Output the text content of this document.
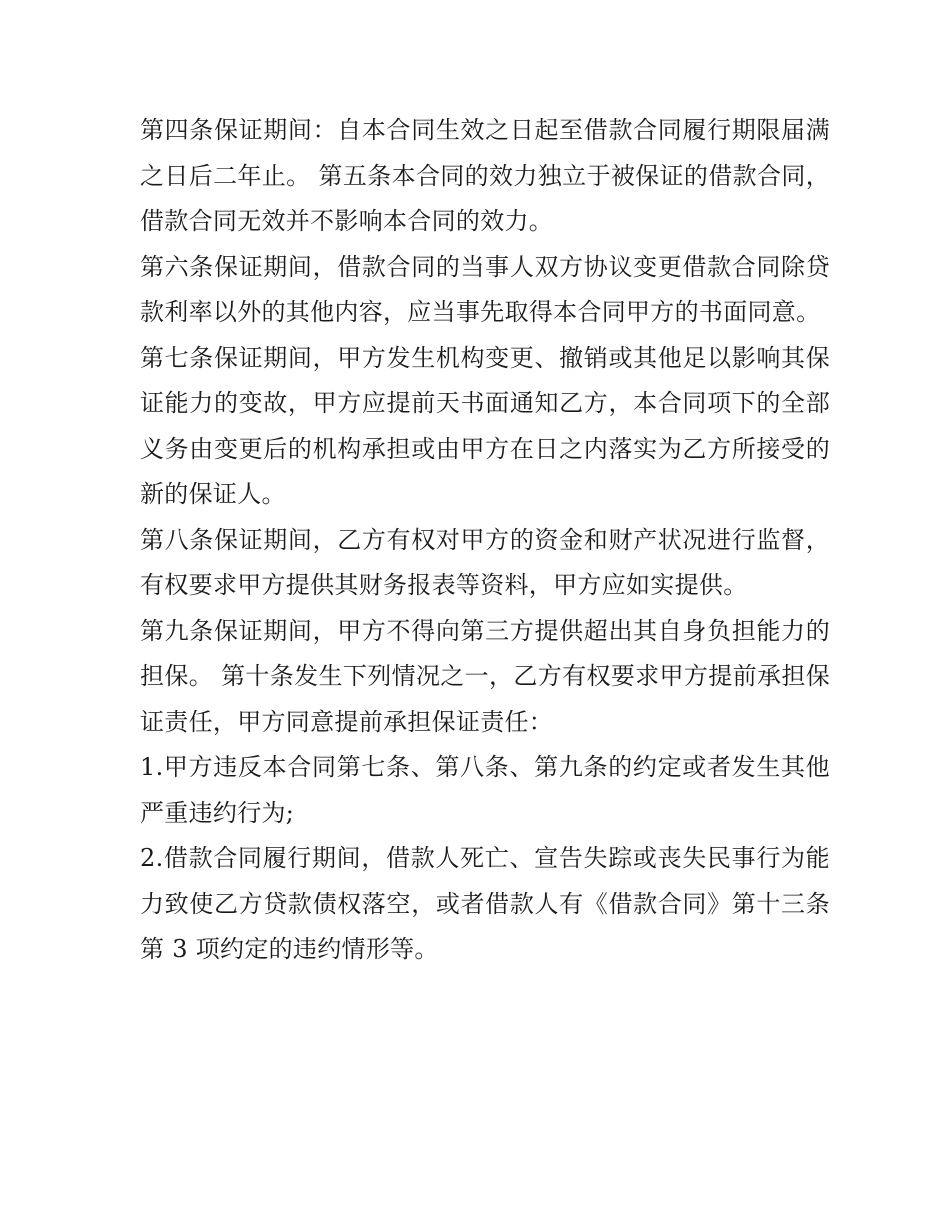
第四条保证期间：自本合同生效之日起至借款合同履行期限届满之日后二年止。 第五条本合同的效力独立于被保证的借款合同，借款合同无效并不影响本合同的效力。

第六条保证期间，借款合同的当事人双方协议变更借款合同除贷款利率以外的其他内容，应当事先取得本合同甲方的书面同意。

第七条保证期间，甲方发生机构变更、撤销或其他足以影响其保证能力的变故，甲方应提前天书面通知乙方，本合同项下的全部义务由变更后的机构承担或由甲方在日之内落实为乙方所接受的新的保证人。

第八条保证期间，乙方有权对甲方的资金和财产状况进行监督，有权要求甲方提供其财务报表等资料，甲方应如实提供。

第九条保证期间，甲方不得向第三方提供超出其自身负担能力的担保。 第十条发生下列情况之一，乙方有权要求甲方提前承担保证责任，甲方同意提前承担保证责任：

1.甲方违反本合同第七条、第八条、第九条的约定或者发生其他严重违约行为;

2.借款合同履行期间，借款人死亡、宣告失踪或丧失民事行为能力致使乙方贷款债权落空，或者借款人有《借款合同》第十三条第 3 项约定的违约情形等。
